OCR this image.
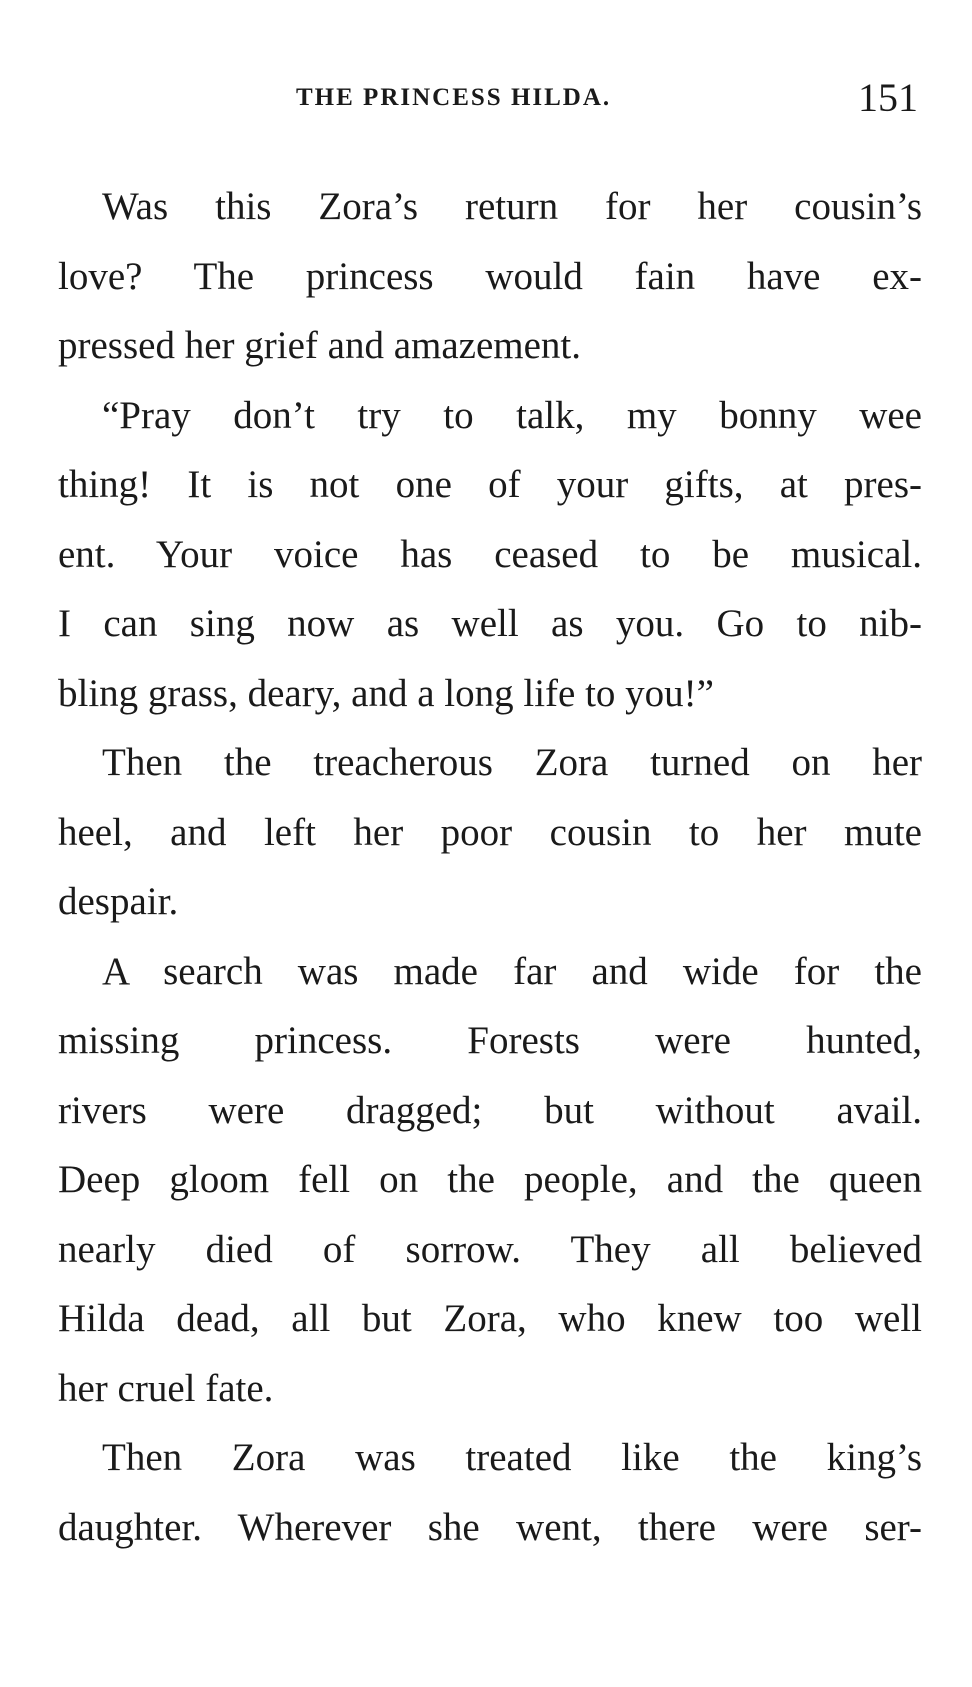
THE PRINCESS HILDA.	151
Was this Zora’s return for her cousin’s
love? The princess would fain have ex-
pressed her grief and amazement.
“Pray don’t try to talk, my bonny wee
thing! It is not one of your gifts, at pres-
ent. Your voice has ceased to be musical.
I can sing now as well as you. Go to nib-
bling grass, deary, and a long life to you!”
Then the treacherous Zora turned on her
heel, and left her poor cousin to her mute
despair.
A search was made far and wide for the
missing princess. Forests were hunted,
rivers were dragged; but without avail.
Deep gloom fell on the people, and the queen
nearly died of sorrow. They all believed
Hilda dead, all but Zora, who knew too well
her cruel fate.
Then Zora was treated like the king’s
daughter. Wherever she went, there were ser-
